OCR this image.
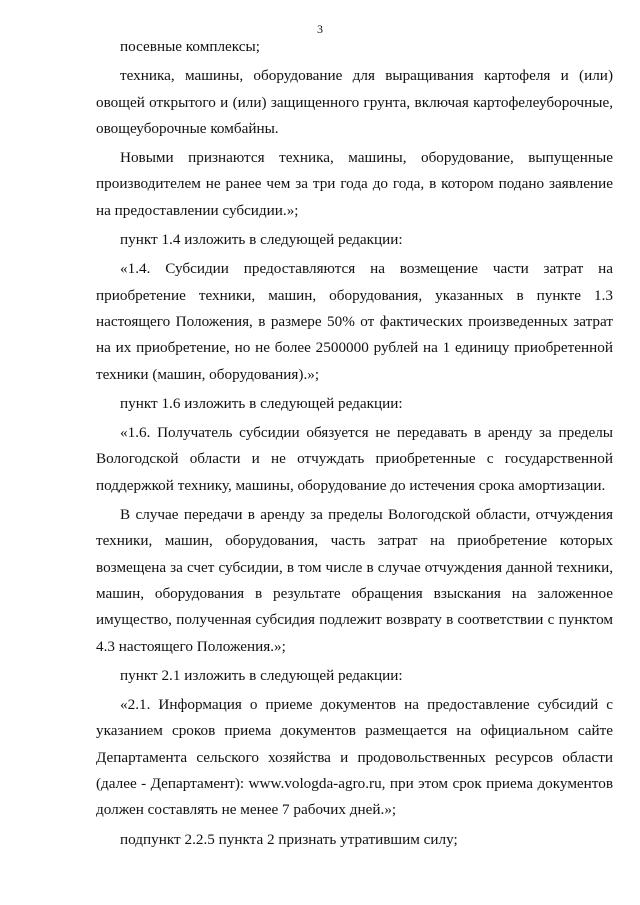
3

посевные комплексы;

техника, машины, оборудование для выращивания картофеля и (или) овощей открытого и (или) защищенного грунта, включая картофелеуборочные, овощеуборочные комбайны.

Новыми признаются техника, машины, оборудование, выпущенные производителем не ранее чем за три года до года, в котором подано заявление на предоставлении субсидии.»;

пункт 1.4 изложить в следующей редакции:

«1.4. Субсидии предоставляются на возмещение части затрат на приобретение техники, машин, оборудования, указанных в пункте 1.3 настоящего Положения, в размере 50% от фактических произведенных затрат на их приобретение, но не более 2500000 рублей на 1 единицу приобретенной техники (машин, оборудования).»;

пункт 1.6 изложить в следующей редакции:

«1.6. Получатель субсидии обязуется не передавать в аренду за пределы Вологодской области и не отчуждать приобретенные с государственной поддержкой технику, машины, оборудование до истечения срока амортизации.

В случае передачи в аренду за пределы Вологодской области, отчуждения техники, машин, оборудования, часть затрат на приобретение которых возмещена за счет субсидии, в том числе в случае отчуждения данной техники, машин, оборудования в результате обращения взыскания на заложенное имущество, полученная субсидия подлежит возврату в соответствии с пунктом 4.3 настоящего Положения.»;

пункт 2.1 изложить в следующей редакции:

«2.1. Информация о приеме документов на предоставление субсидий с указанием сроков приема документов размещается на официальном сайте Департамента сельского хозяйства и продовольственных ресурсов области (далее - Департамент): www.vologda-agro.ru, при этом срок приема документов должен составлять не менее 7 рабочих дней.»;

подпункт 2.2.5 пункта 2 признать утратившим силу;
